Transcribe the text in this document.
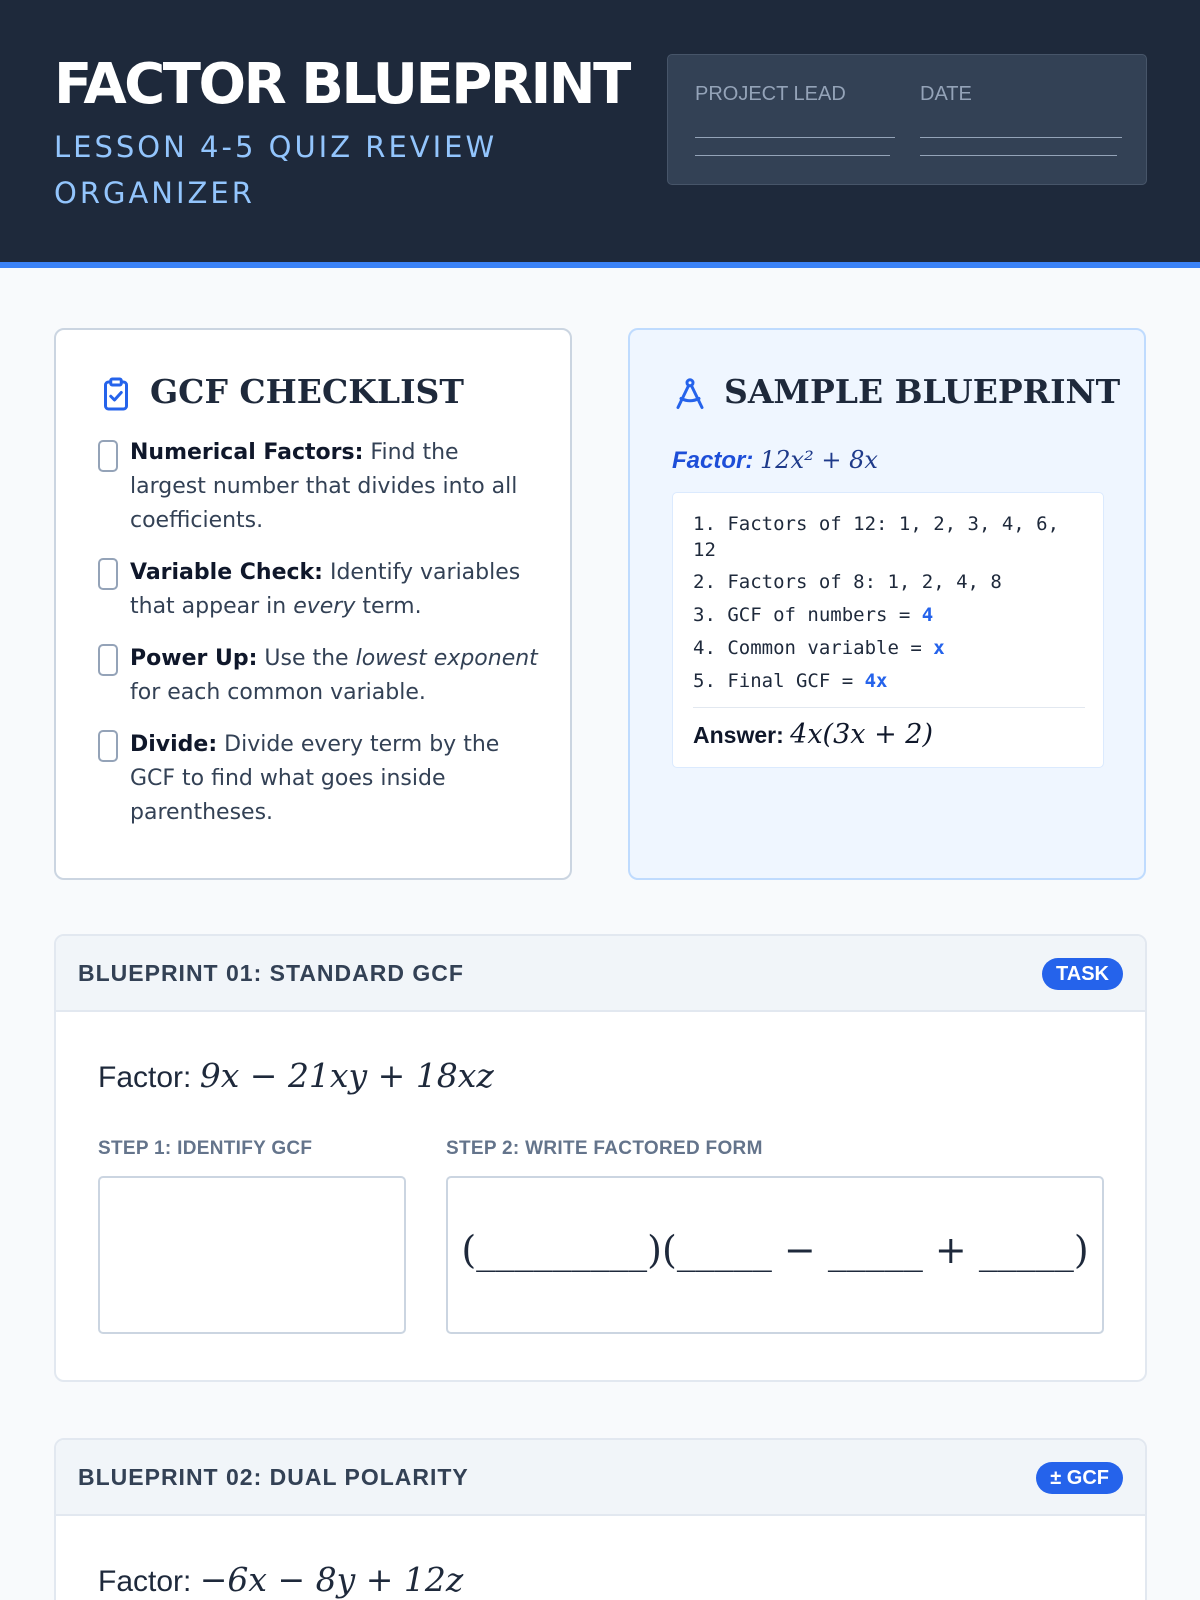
FACTOR BLUEPRINT
LESSON 4-5 QUIZ REVIEW ORGANIZER
PROJECT LEAD	DATE
GCF CHECKLIST
Numerical Factors: Find the largest number that divides into all coefficients.
Variable Check: Identify variables that appear in every term.
Power Up: Use the lowest exponent for each common variable.
Divide: Divide every term by the GCF to find what goes inside parentheses.
SAMPLE BLUEPRINT
Factor: 12x² + 8x
1. Factors of 12: 1, 2, 3, 4, 6, 12
2. Factors of 8: 1, 2, 4, 8
3. GCF of numbers = 4
4. Common variable = x
5. Final GCF = 4x
Answer: 4x(3x + 2)
BLUEPRINT 01: STANDARD GCF	TASK
Factor: 9x − 21xy + 18xz
STEP 1: IDENTIFY GCF	STEP 2: WRITE FACTORED FORM
(_________)(_____ − _____ + _____)
BLUEPRINT 02: DUAL POLARITY	± GCF
Factor: −6x − 8y + 12z
